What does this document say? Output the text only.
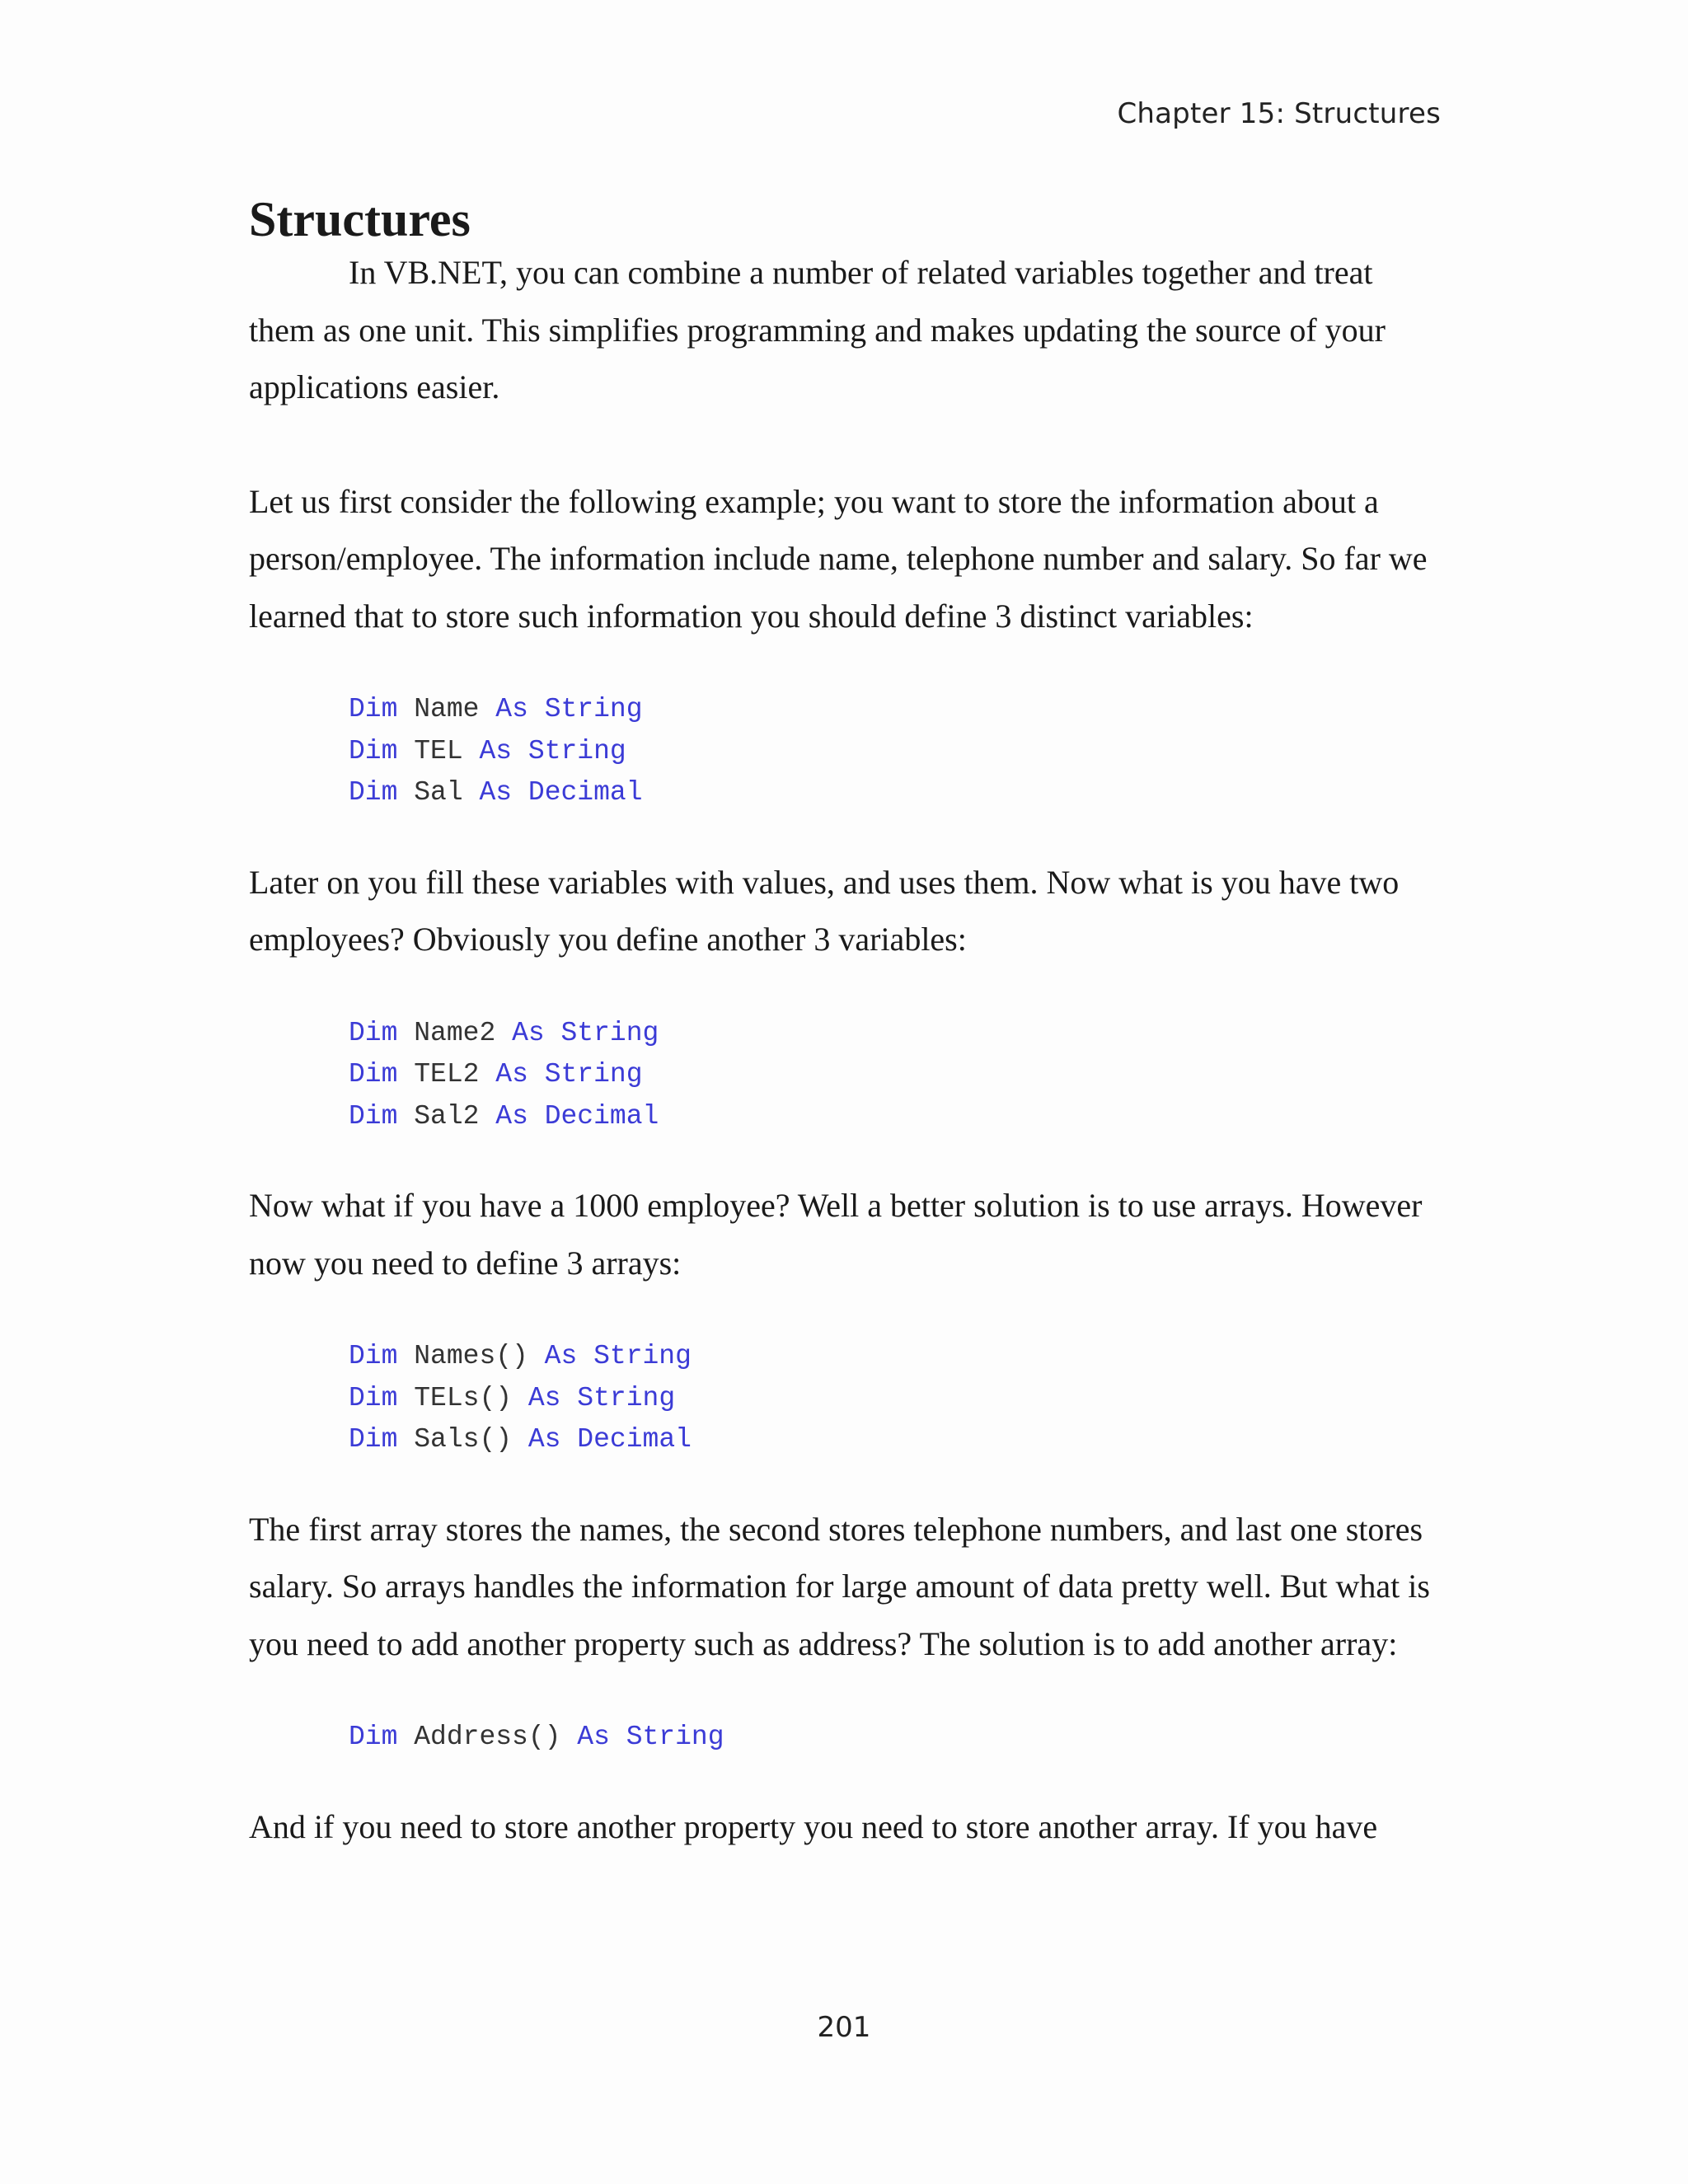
Chapter 15: Structures
Structures

In VB.NET, you can combine a number of related variables together and treat them as one unit. This simplifies programming and makes updating the source of your applications easier.

Let us first consider the following example; you want to store the information about a person/employee. The information include name, telephone number and salary. So far we learned that to store such information you should define 3 distinct variables:

Dim Name As String
Dim TEL As String
Dim Sal As Decimal

Later on you fill these variables with values, and uses them. Now what is you have two employees? Obviously you define another 3 variables:

Dim Name2 As String
Dim TEL2 As String
Dim Sal2 As Decimal

Now what if you have a 1000 employee? Well a better solution is to use arrays. However now you need to define 3 arrays:

Dim Names() As String
Dim TELs() As String
Dim Sals() As Decimal

The first array stores the names, the second stores telephone numbers, and last one stores salary. So arrays handles the information for large amount of data pretty well. But what is you need to add another property such as address? The solution is to add another array:

Dim Address() As String

And if you need to store another property you need to store another array. If you have

201
